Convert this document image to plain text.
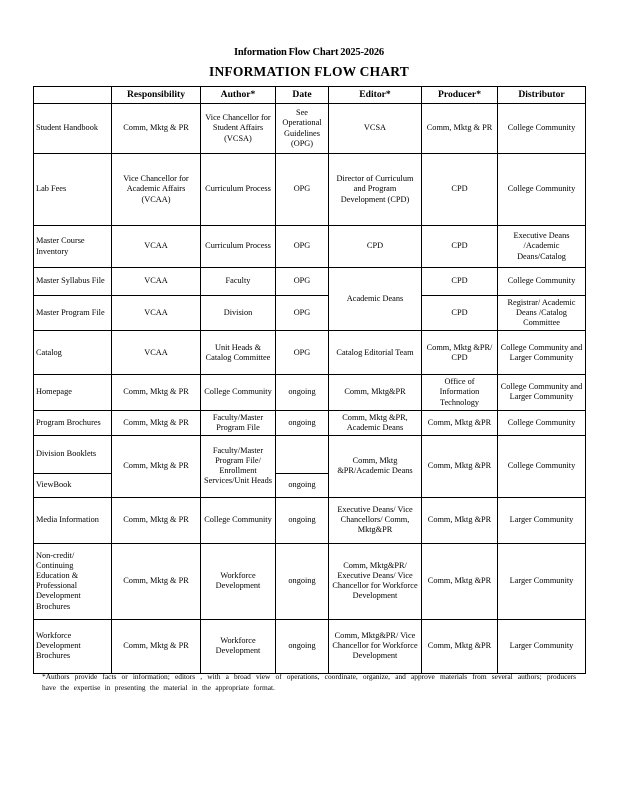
Information Flow Chart 2025-2026
INFORMATION FLOW CHART
	Responsibility	Author*	Date	Editor*	Producer*	Distributor
Student Handbook	Comm, Mktg & PR	Vice Chancellor for Student Affairs (VCSA)	See Operational Guidelines (OPG)	VCSA	Comm, Mktg & PR	College Community
Lab Fees	Vice Chancellor for Academic Affairs (VCAA)	Curriculum Process	OPG	Director of Curriculum and Program Development (CPD)	CPD	College Community
Master Course Inventory	VCAA	Curriculum Process	OPG	CPD	CPD	Executive Deans /Academic Deans/Catalog
Master Syllabus File	VCAA	Faculty	OPG	Academic Deans	CPD	College Community
Master Program File	VCAA	Division	OPG		CPD	Registrar/ Academic Deans /Catalog Committee
Catalog	VCAA	Unit Heads & Catalog Committee	OPG	Catalog Editorial Team	Comm, Mktg &PR/ CPD	College Community and Larger Community
Homepage	Comm, Mktg & PR	College Community	ongoing	Comm, Mktg&PR	Office of Information Technology	College Community and Larger Community
Program Brochures	Comm, Mktg & PR	Faculty/Master Program File	ongoing	Comm, Mktg &PR, Academic Deans	Comm, Mktg &PR	College Community
Division Booklets	Comm, Mktg & PR	Faculty/Master Program File/ Enrollment Services/Unit Heads		Comm, Mktg &PR/Academic Deans	Comm, Mktg &PR	College Community
ViewBook			ongoing			
Media Information	Comm, Mktg & PR	College Community	ongoing	Executive Deans/ Vice Chancellors/ Comm, Mktg&PR	Comm, Mktg &PR	Larger Community
Non-credit/ Continuing Education & Professional Development Brochures	Comm, Mktg & PR	Workforce Development	ongoing	Comm, Mktg&PR/ Executive Deans/ Vice Chancellor for Workforce Development	Comm, Mktg &PR	Larger Community
Workforce Development Brochures	Comm, Mktg & PR	Workforce Development	ongoing	Comm, Mktg&PR/ Vice Chancellor for Workforce Development	Comm, Mktg &PR	Larger Community
*Authors provide facts or information; editors , with a broad view of operations, coordinate, organize, and approve materials from several authors; producers have the expertise in presenting the material in the appropriate format.
